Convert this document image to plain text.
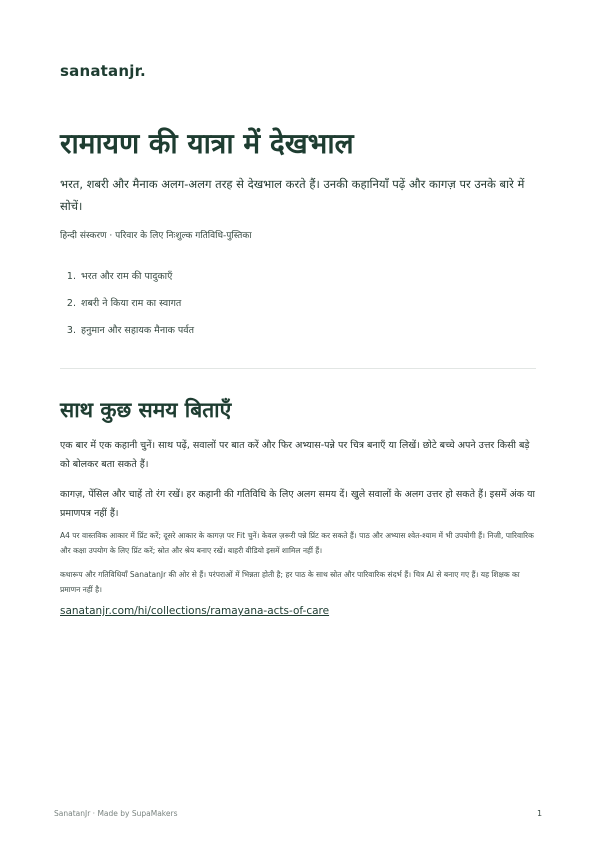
sanatanjr.
रामायण की यात्रा में देखभाल

भरत, शबरी और मैनाक अलग-अलग तरह से देखभाल करते हैं। उनकी कहानियाँ पढ़ें और कागज़ पर उनके बारे में सोचें।

हिन्दी संस्करण · परिवार के लिए निःशुल्क गतिविधि-पुस्तिका

1. भरत और राम की पादुकाएँ
2. शबरी ने किया राम का स्वागत
3. हनुमान और सहायक मैनाक पर्वत
साथ कुछ समय बिताएँ

एक बार में एक कहानी चुनें। साथ पढ़ें, सवालों पर बात करें और फिर अभ्यास-पन्ने पर चित्र बनाएँ या लिखें। छोटे बच्चे अपने उत्तर किसी बड़े को बोलकर बता सकते हैं।

कागज़, पेंसिल और चाहें तो रंग रखें। हर कहानी की गतिविधि के लिए अलग समय दें। खुले सवालों के अलग उत्तर हो सकते हैं। इसमें अंक या प्रमाणपत्र नहीं हैं।

A4 पर वास्तविक आकार में प्रिंट करें; दूसरे आकार के कागज़ पर Fit चुनें। केवल ज़रूरी पन्ने प्रिंट कर सकते हैं। पाठ और अभ्यास श्वेत-श्याम में भी उपयोगी हैं। निजी, पारिवारिक और कक्षा उपयोग के लिए प्रिंट करें; स्रोत और श्रेय बनाए रखें। बाहरी वीडियो इसमें शामिल नहीं हैं।

कथारूप और गतिविधियाँ SanatanJr की ओर से हैं। परंपराओं में भिन्नता होती है; हर पाठ के साथ स्रोत और पारिवारिक संदर्भ हैं। चित्र AI से बनाए गए हैं। यह शिक्षक का प्रमाणन नहीं है।

sanatanjr.com/hi/collections/ramayana-acts-of-care
SanatanJr · Made by SupaMakers	1
